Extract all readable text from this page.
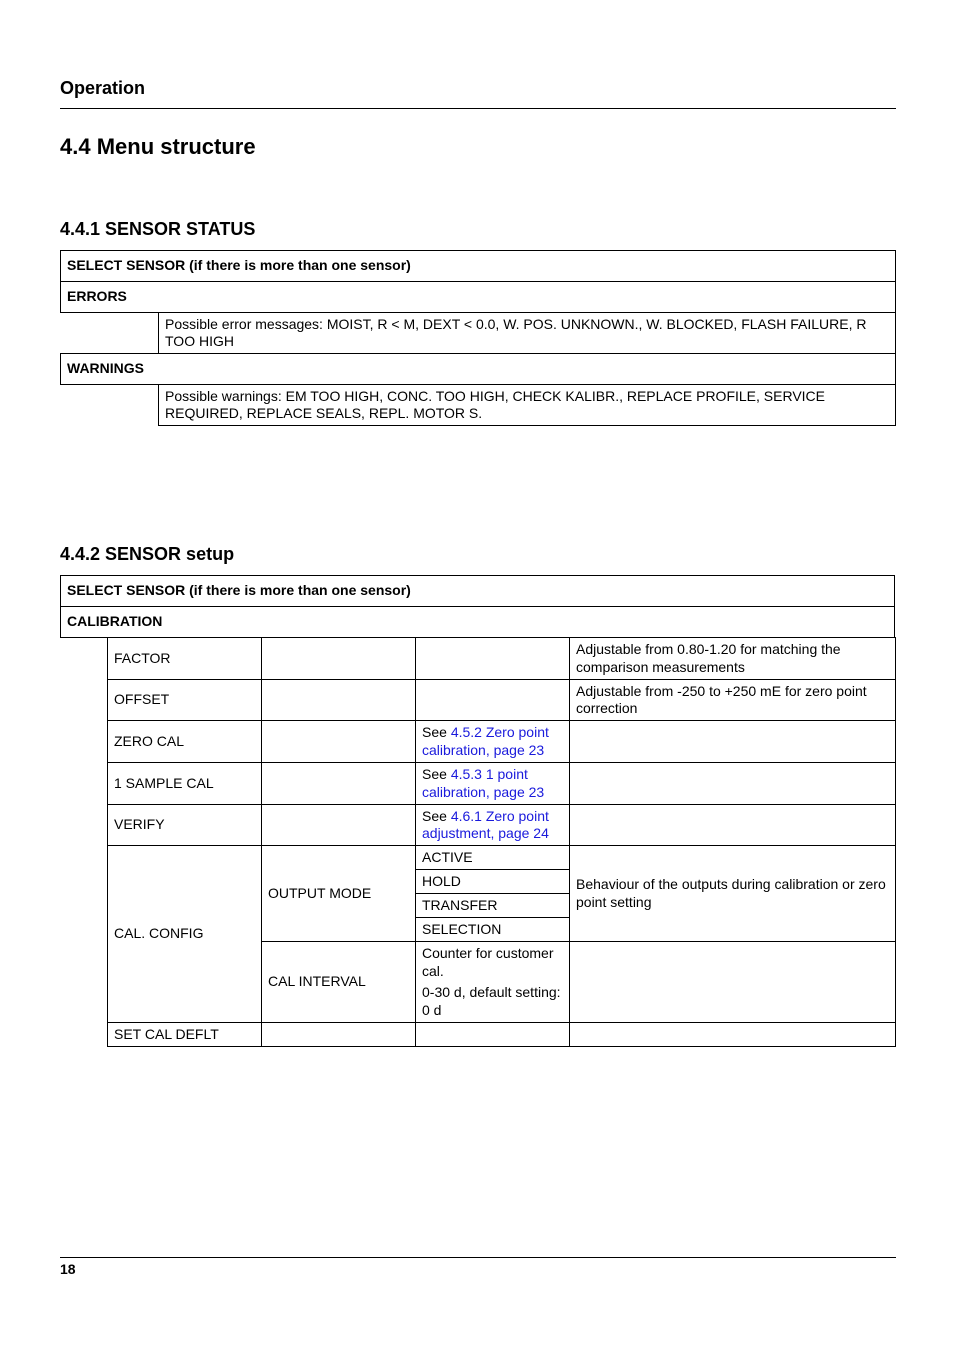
Operation
4.4 Menu structure
4.4.1 SENSOR STATUS
SELECT SENSOR (if there is more than one sensor)	
ERRORS	
	Possible error messages: MOIST, R < M, DEXT < 0.0, W. POS. UNKNOWN., W. BLOCKED, FLASH FAILURE, R TOO HIGH
WARNINGS	
	Possible warnings: EM TOO HIGH, CONC. TOO HIGH, CHECK KALIBR., REPLACE PROFILE, SERVICE REQUIRED, REPLACE SEALS, REPL. MOTOR S.
4.4.2 SENSOR setup
SELECT SENSOR (if there is more than one sensor)
CALIBRATION
FACTOR			Adjustable from 0.80-1.20 for matching the comparison measurements
OFFSET			Adjustable from -250 to +250 mE for zero point correction
ZERO CAL		See 4.5.2 Zero point calibration, page 23	
1 SAMPLE CAL		See 4.5.3 1 point calibration, page 23	
VERIFY		See 4.6.1 Zero point adjustment, page 24	
CAL. CONFIG	OUTPUT MODE	ACTIVE	Behaviour of the outputs during calibration or zero point setting
		HOLD	
		TRANSFER	
		SELECTION	
	CAL INTERVAL	Counter for customer cal.

0-30 d, default setting: 0 d	

SET CAL DEFLT			
18
